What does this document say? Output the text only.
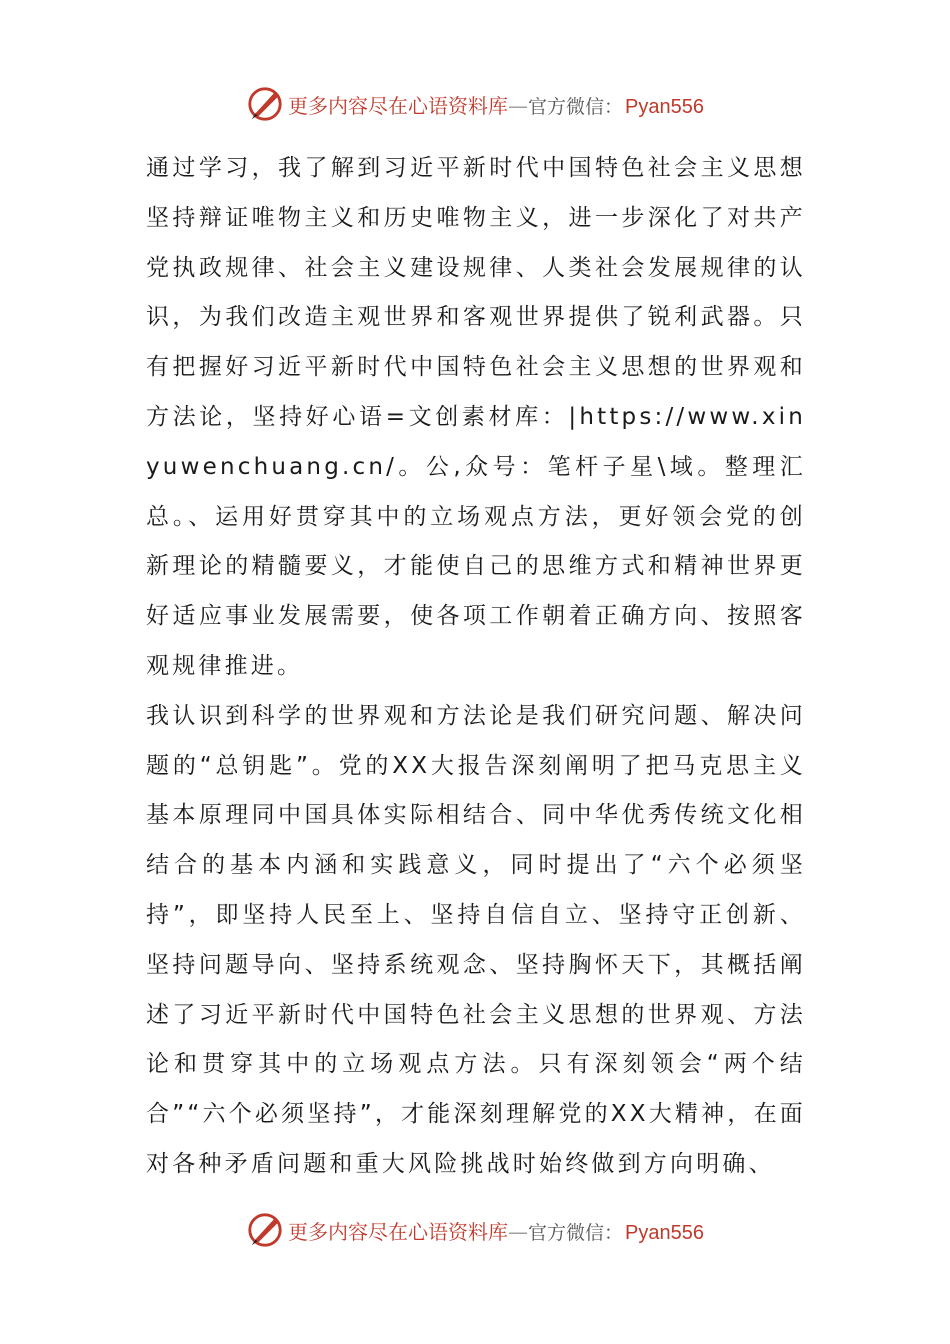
更多内容尽在心语资料库 — 官方微信： Pyan556

通过学习，我了解到习近平新时代中国特色社会主义思想坚持辩证唯物主义和历史唯物主义，进一步深化了对共产党执政规律、社会主义建设规律、人类社会发展规律的认识，为我们改造主观世界和客观世界提供了锐利武器。只有把握好习近平新时代中国特色社会主义思想的世界观和方法论，坚持好心语=文创素材库：|https://www.xinyuwenchuang.cn/。公,众号：笔杆子星\域。整理汇总。、运用好贯穿其中的立场观点方法，更好领会党的创新理论的精髓要义，才能使自己的思维方式和精神世界更好适应事业发展需要，使各项工作朝着正确方向、按照客观规律推进。

我认识到科学的世界观和方法论是我们研究问题、解决问题的“总钥匙”。党的XX大报告深刻阐明了把马克思主义基本原理同中国具体实际相结合、同中华优秀传统文化相结合的基本内涵和实践意义，同时提出了“六个必须坚持”，即坚持人民至上、坚持自信自立、坚持守正创新、坚持问题导向、坚持系统观念、坚持胸怀天下，其概括阐述了习近平新时代中国特色社会主义思想的世界观、方法论和贯穿其中的立场观点方法。只有深刻领会“两个结合”“六个必须坚持”，才能深刻理解党的XX大精神，在面对各种矛盾问题和重大风险挑战时始终做到方向明确、

更多内容尽在心语资料库 — 官方微信： Pyan556
